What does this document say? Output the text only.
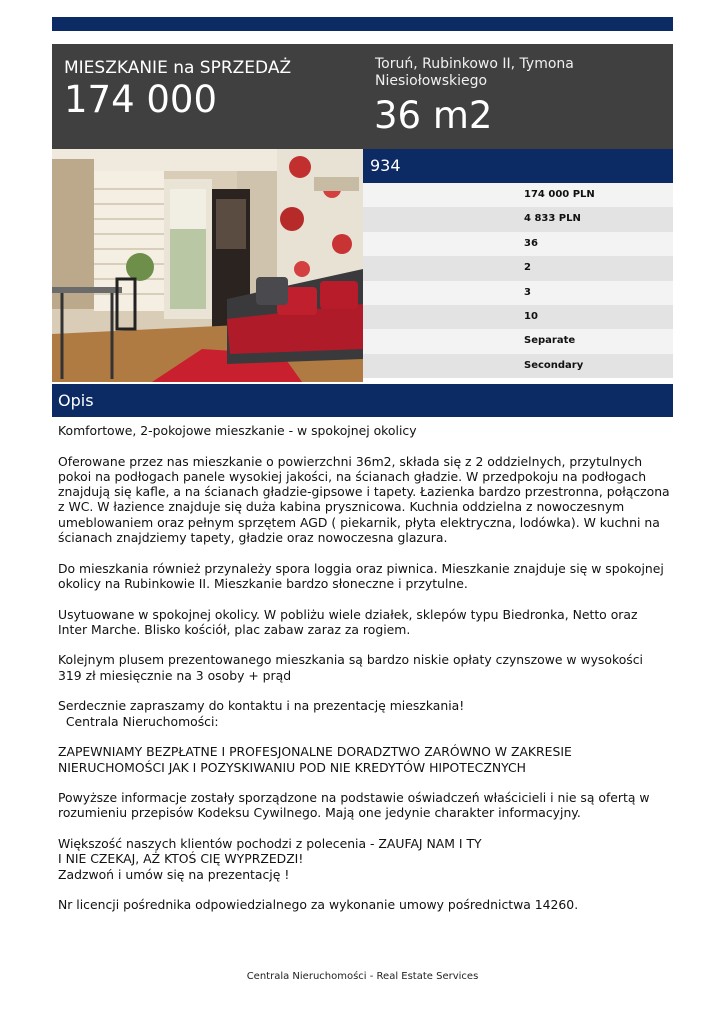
MIESZKANIE na SPRZEDAŻ
174 000
Toruń, Rubinkowo II, Tymona Niesiołowskiego
36 m2
934
174 000 PLN
4 833 PLN
36
2
3
10
Separate
Secondary
Opis

Komfortowe, 2-pokojowe mieszkanie - w spokojnej okolicy

Oferowane przez nas mieszkanie o powierzchni 36m2, składa się z 2 oddzielnych, przytulnych pokoi na podłogach panele wysokiej jakości, na ścianach gładzie. W przedpokoju na podłogach znajdują się kafle, a na ścianach gładzie-gipsowe i tapety. Łazienka bardzo przestronna, połączona z WC. W łazience znajduje się duża kabina prysznicowa. Kuchnia oddzielna z nowoczesnym umeblowaniem oraz pełnym sprzętem AGD ( piekarnik, płyta elektryczna, lodówka). W kuchni na ścianach znajdziemy tapety, gładzie oraz nowoczesna glazura.

Do mieszkania również przynależy spora loggia oraz piwnica. Mieszkanie znajduje się w spokojnej okolicy na Rubinkowie II. Mieszkanie bardzo słoneczne i przytulne.

Usytuowane w spokojnej okolicy. W pobliżu wiele działek, sklepów typu Biedronka, Netto oraz Inter Marche. Blisko kościół, plac zabaw zaraz za rogiem.

Kolejnym plusem prezentowanego mieszkania są bardzo niskie opłaty czynszowe w wysokości 319 zł miesięcznie na 3 osoby + prąd

Serdecznie zapraszamy do kontaktu i na prezentację mieszkania!
Centrala Nieruchomości:

ZAPEWNIAMY BEZPŁATNE I PROFESJONALNE DORADZTWO ZARÓWNO W ZAKRESIE NIERUCHOMOŚCI JAK I POZYSKIWANIU POD NIE KREDYTÓW HIPOTECZNYCH

Powyższe informacje zostały sporządzone na podstawie oświadczeń właścicieli i nie są ofertą w rozumieniu przepisów Kodeksu Cywilnego. Mają one jedynie charakter informacyjny.

Większość naszych klientów pochodzi z polecenia - ZAUFAJ NAM I TY
I NIE CZEKAJ, AŻ KTOŚ CIĘ WYPRZEDZI!
Zadzwoń i umów się na prezentację !

Nr licencji pośrednika odpowiedzialnego za wykonanie umowy pośrednictwa 14260.

Centrala Nieruchomości - Real Estate Services
